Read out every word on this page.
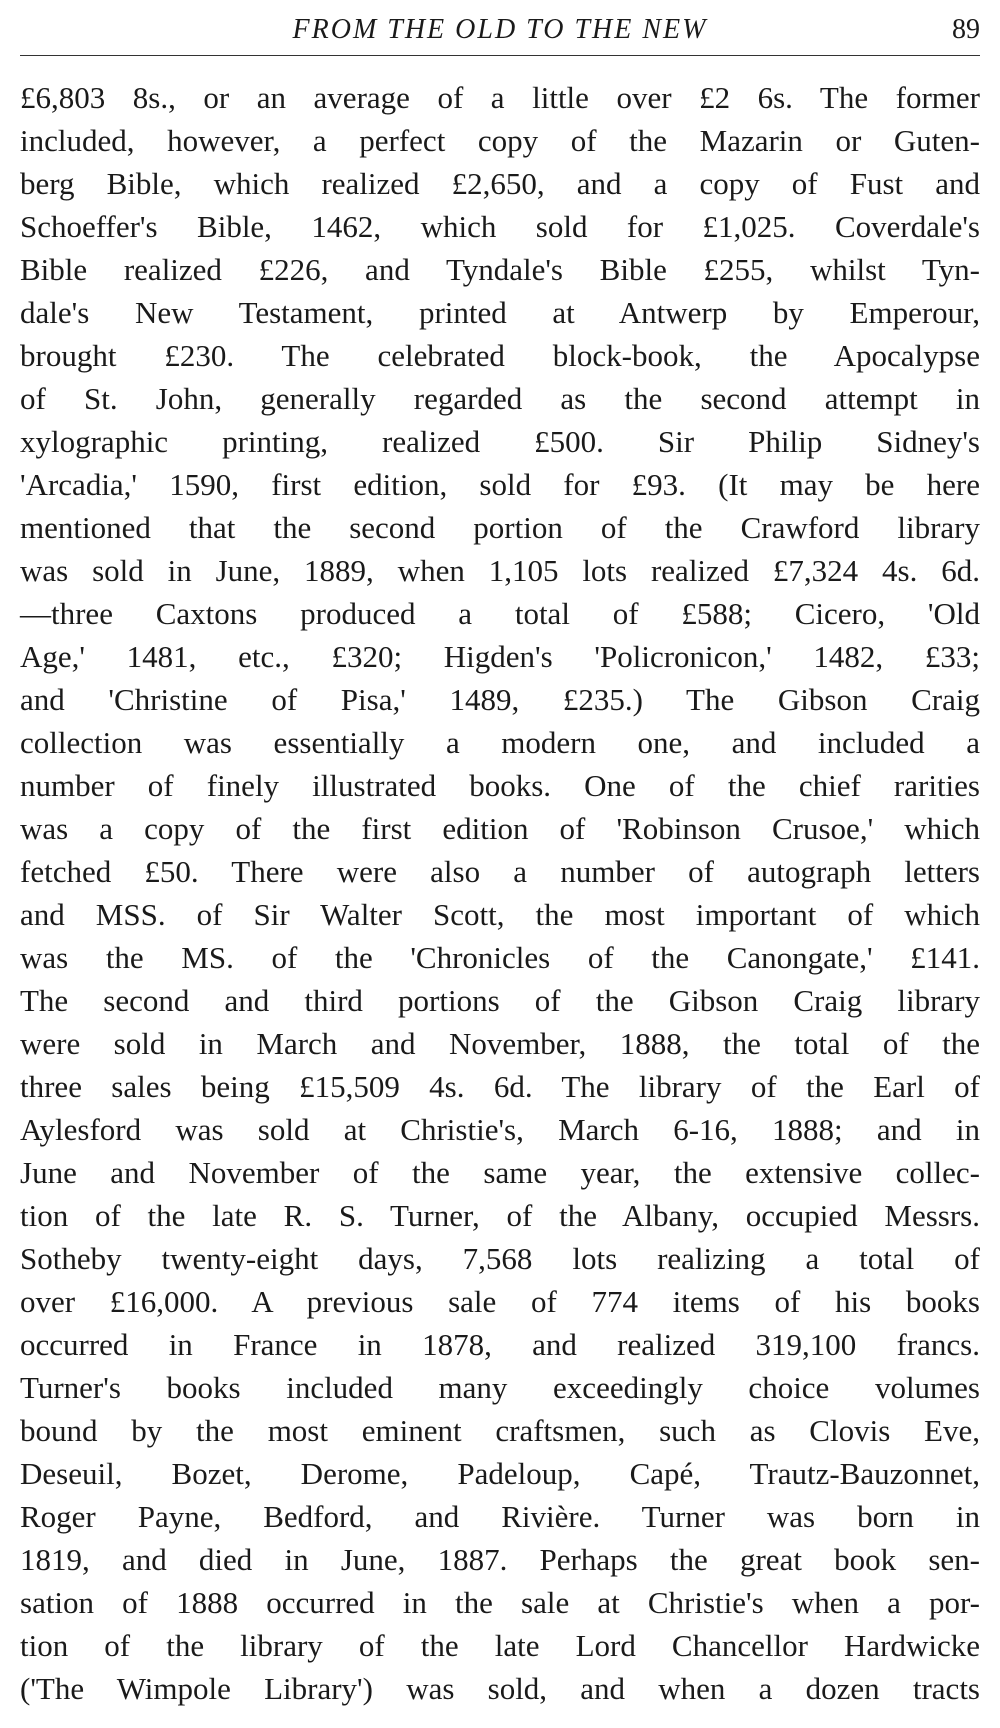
FROM THE OLD TO THE NEW	89
£6,803 8s., or an average of a little over £2 6s. The former
included, however, a perfect copy of the Mazarin or Guten-
berg Bible, which realized £2,650, and a copy of Fust and
Schoeffer's Bible, 1462, which sold for £1,025. Coverdale's
Bible realized £226, and Tyndale's Bible £255, whilst Tyn-
dale's New Testament, printed at Antwerp by Emperour,
brought £230. The celebrated block-book, the Apocalypse
of St. John, generally regarded as the second attempt in
xylographic printing, realized £500. Sir Philip Sidney's
'Arcadia,' 1590, first edition, sold for £93. (It may be here
mentioned that the second portion of the Crawford library
was sold in June, 1889, when 1,105 lots realized £7,324 4s. 6d.
—three Caxtons produced a total of £588; Cicero, 'Old
Age,' 1481, etc., £320; Higden's 'Policronicon,' 1482, £33;
and 'Christine of Pisa,' 1489, £235.) The Gibson Craig
collection was essentially a modern one, and included a
number of finely illustrated books. One of the chief rarities
was a copy of the first edition of 'Robinson Crusoe,' which
fetched £50. There were also a number of autograph letters
and MSS. of Sir Walter Scott, the most important of which
was the MS. of the 'Chronicles of the Canongate,' £141.
The second and third portions of the Gibson Craig library
were sold in March and November, 1888, the total of the
three sales being £15,509 4s. 6d. The library of the Earl of
Aylesford was sold at Christie's, March 6-16, 1888; and in
June and November of the same year, the extensive collec-
tion of the late R. S. Turner, of the Albany, occupied Messrs.
Sotheby twenty-eight days, 7,568 lots realizing a total of
over £16,000. A previous sale of 774 items of his books
occurred in France in 1878, and realized 319,100 francs.
Turner's books included many exceedingly choice volumes
bound by the most eminent craftsmen, such as Clovis Eve,
Deseuil, Bozet, Derome, Padeloup, Capé, Trautz-Bauzonnet,
Roger Payne, Bedford, and Rivière. Turner was born in
1819, and died in June, 1887. Perhaps the great book sen-
sation of 1888 occurred in the sale at Christie's when a por-
tion of the library of the late Lord Chancellor Hardwicke
('The Wimpole Library') was sold, and when a dozen tracts
